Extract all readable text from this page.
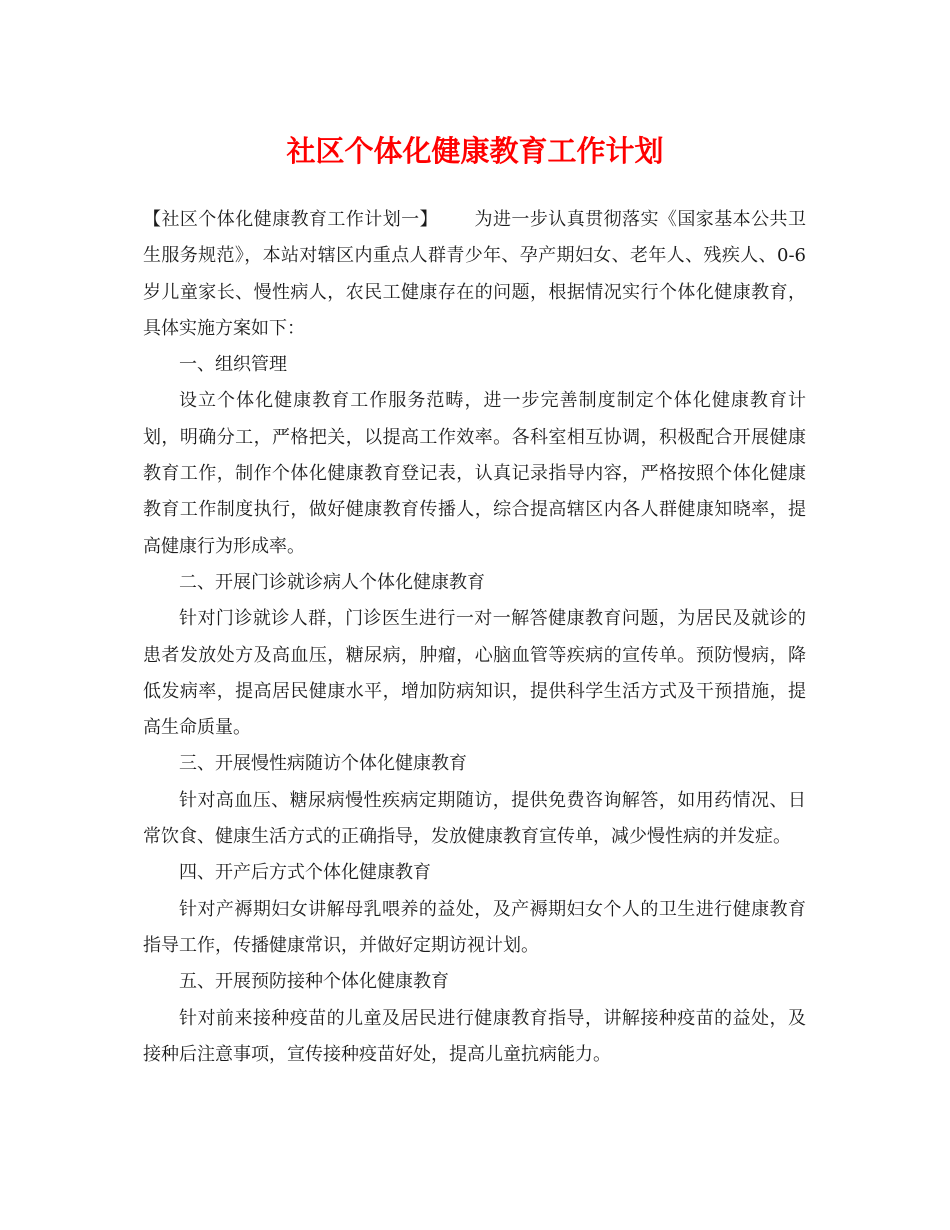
社区个体化健康教育工作计划

【社区个体化健康教育工作计划一】 为进一步认真贯彻落实《国家基本公共卫生服务规范》，本站对辖区内重点人群青少年、孕产期妇女、老年人、残疾人、0-6岁儿童家长、慢性病人，农民工健康存在的问题，根据情况实行个体化健康教育，具体实施方案如下：

一、组织管理

设立个体化健康教育工作服务范畴，进一步完善制度制定个体化健康教育计划，明确分工，严格把关，以提高工作效率。各科室相互协调，积极配合开展健康教育工作，制作个体化健康教育登记表，认真记录指导内容，严格按照个体化健康教育工作制度执行，做好健康教育传播人，综合提高辖区内各人群健康知晓率，提高健康行为形成率。

二、开展门诊就诊病人个体化健康教育

针对门诊就诊人群，门诊医生进行一对一解答健康教育问题，为居民及就诊的患者发放处方及高血压，糖尿病，肿瘤，心脑血管等疾病的宣传单。预防慢病，降低发病率，提高居民健康水平，增加防病知识，提供科学生活方式及干预措施，提高生命质量。

三、开展慢性病随访个体化健康教育

针对高血压、糖尿病慢性疾病定期随访，提供免费咨询解答，如用药情况、日常饮食、健康生活方式的正确指导，发放健康教育宣传单，减少慢性病的并发症。

四、开产后方式个体化健康教育

针对产褥期妇女讲解母乳喂养的益处，及产褥期妇女个人的卫生进行健康教育指导工作，传播健康常识，并做好定期访视计划。

五、开展预防接种个体化健康教育

针对前来接种疫苗的儿童及居民进行健康教育指导，讲解接种疫苗的益处，及接种后注意事项，宣传接种疫苗好处，提高儿童抗病能力。
